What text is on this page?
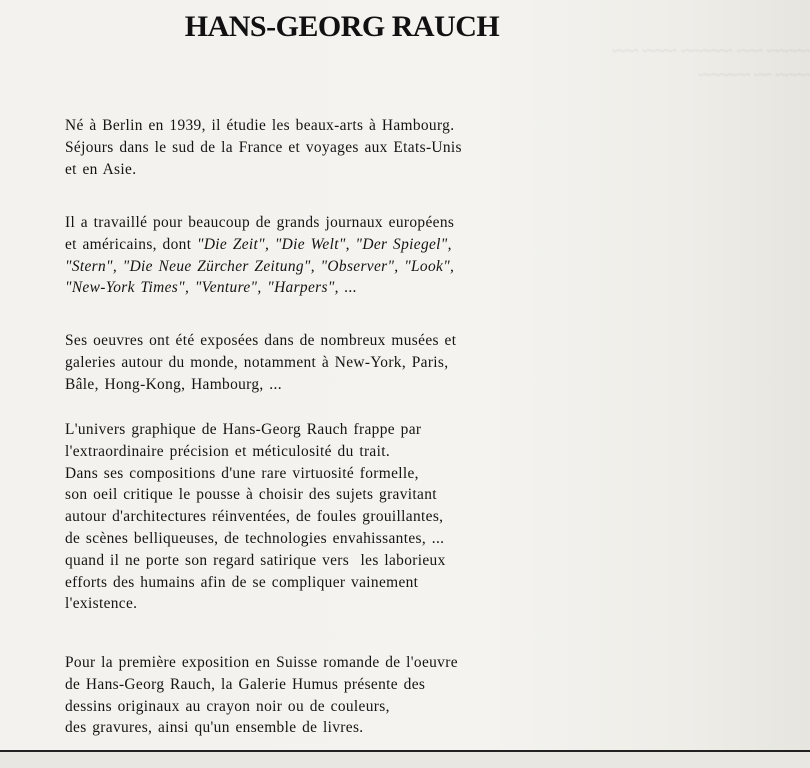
~~~~~ ~~~ ~~~~~~ ~~~~ ~~~
~~~~ ~~ ~~~~~~
HANS-GEORG RAUCH

Né à Berlin en 1939, il étudie les beaux-arts à Hambourg.
Séjours dans le sud de la France et voyages aux Etats-Unis
et en Asie.

Il a travaillé pour beaucoup de grands journaux européens
et américains, dont "Die Zeit", "Die Welt", "Der Spiegel",
"Stern", "Die Neue Zürcher Zeitung", "Observer", "Look",
"New-York Times", "Venture", "Harpers", ...

Ses oeuvres ont été exposées dans de nombreux musées et
galeries autour du monde, notamment à New-York, Paris,
Bâle, Hong-Kong, Hambourg, ...

L'univers graphique de Hans-Georg Rauch frappe par
l'extraordinaire précision et méticulosité du trait.
Dans ses compositions d'une rare virtuosité formelle,
son oeil critique le pousse à choisir des sujets gravitant
autour d'architectures réinventées, de foules grouillantes,
de scènes belliqueuses, de technologies envahissantes, ...
quand il ne porte son regard satirique vers  les laborieux
efforts des humains afin de se compliquer vainement
l'existence.

Pour la première exposition en Suisse romande de l'oeuvre
de Hans-Georg Rauch, la Galerie Humus présente des
dessins originaux au crayon noir ou de couleurs,
des gravures, ainsi qu'un ensemble de livres.
